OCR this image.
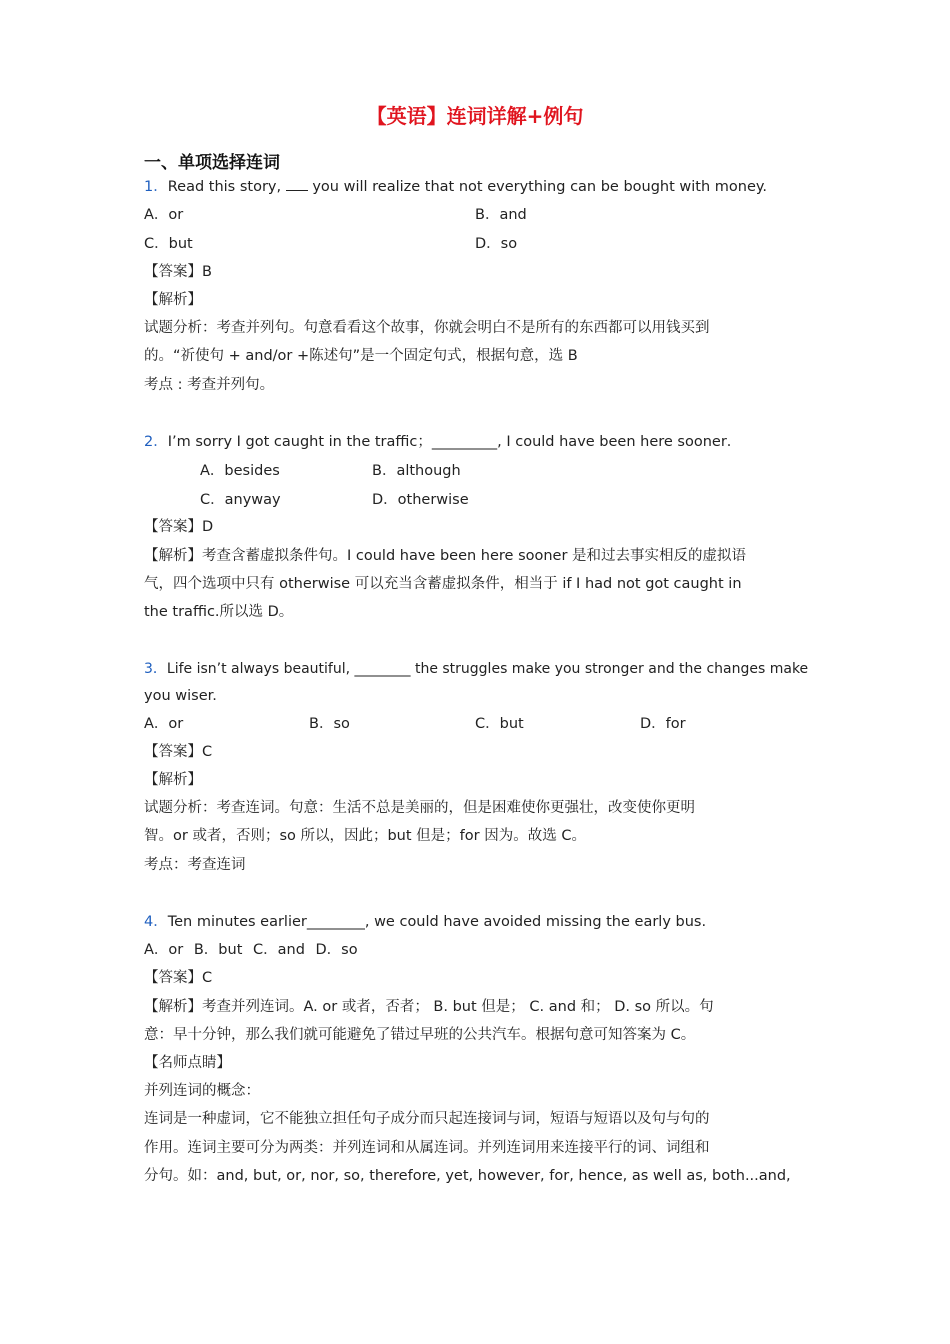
【英语】连词详解+例句
一、单项选择连词
1．Read this story,  you will realize that not everything can be bought with money.
A．or	B．and
C．but	D．so
【答案】B
【解析】
试题分析：考查并列句。句意看看这个故事，你就会明白不是所有的东西都可以用钱买到
的。“祈使句 + and/or +陈述句”是一个固定句式，根据句意，选 B
考点 : 考查并列句。
2．I’m sorry I got caught in the traffic；_________, I could have been here sooner．
A．besides	B．although
C．anyway	D．otherwise
【答案】D
【解析】考查含蓄虚拟条件句。I could have been here sooner 是和过去事实相反的虚拟语
气，四个选项中只有 otherwise 可以充当含蓄虚拟条件，相当于 if I had not got caught in
the traffic.所以选 D。
3．Life isn’t always beautiful, ________ the struggles make you stronger and the changes make
you wiser.
A．or	B．so	C．but	D．for
【答案】C
【解析】
试题分析：考查连词。句意：生活不总是美丽的，但是困难使你更强壮，改变使你更明
智。or 或者，否则；so 所以，因此；but 但是；for 因为。故选 C。
考点：考查连词
4．Ten minutes earlier________, we could have avoided missing the early bus.
A．or B．but C．and D．so
【答案】C
【解析】考查并列连词。A. or 或者，否者； B. but 但是； C. and 和； D. so 所以。句
意：早十分钟，那么我们就可能避免了错过早班的公共汽车。根据句意可知答案为 C。
【名师点睛】
并列连词的概念：
连词是一种虚词，它不能独立担任句子成分而只起连接词与词，短语与短语以及句与句的
作用。连词主要可分为两类：并列连词和从属连词。并列连词用来连接平行的词、词组和
分句。如：and, but, or, nor, so, therefore, yet, however, for, hence, as well as, both...and,
